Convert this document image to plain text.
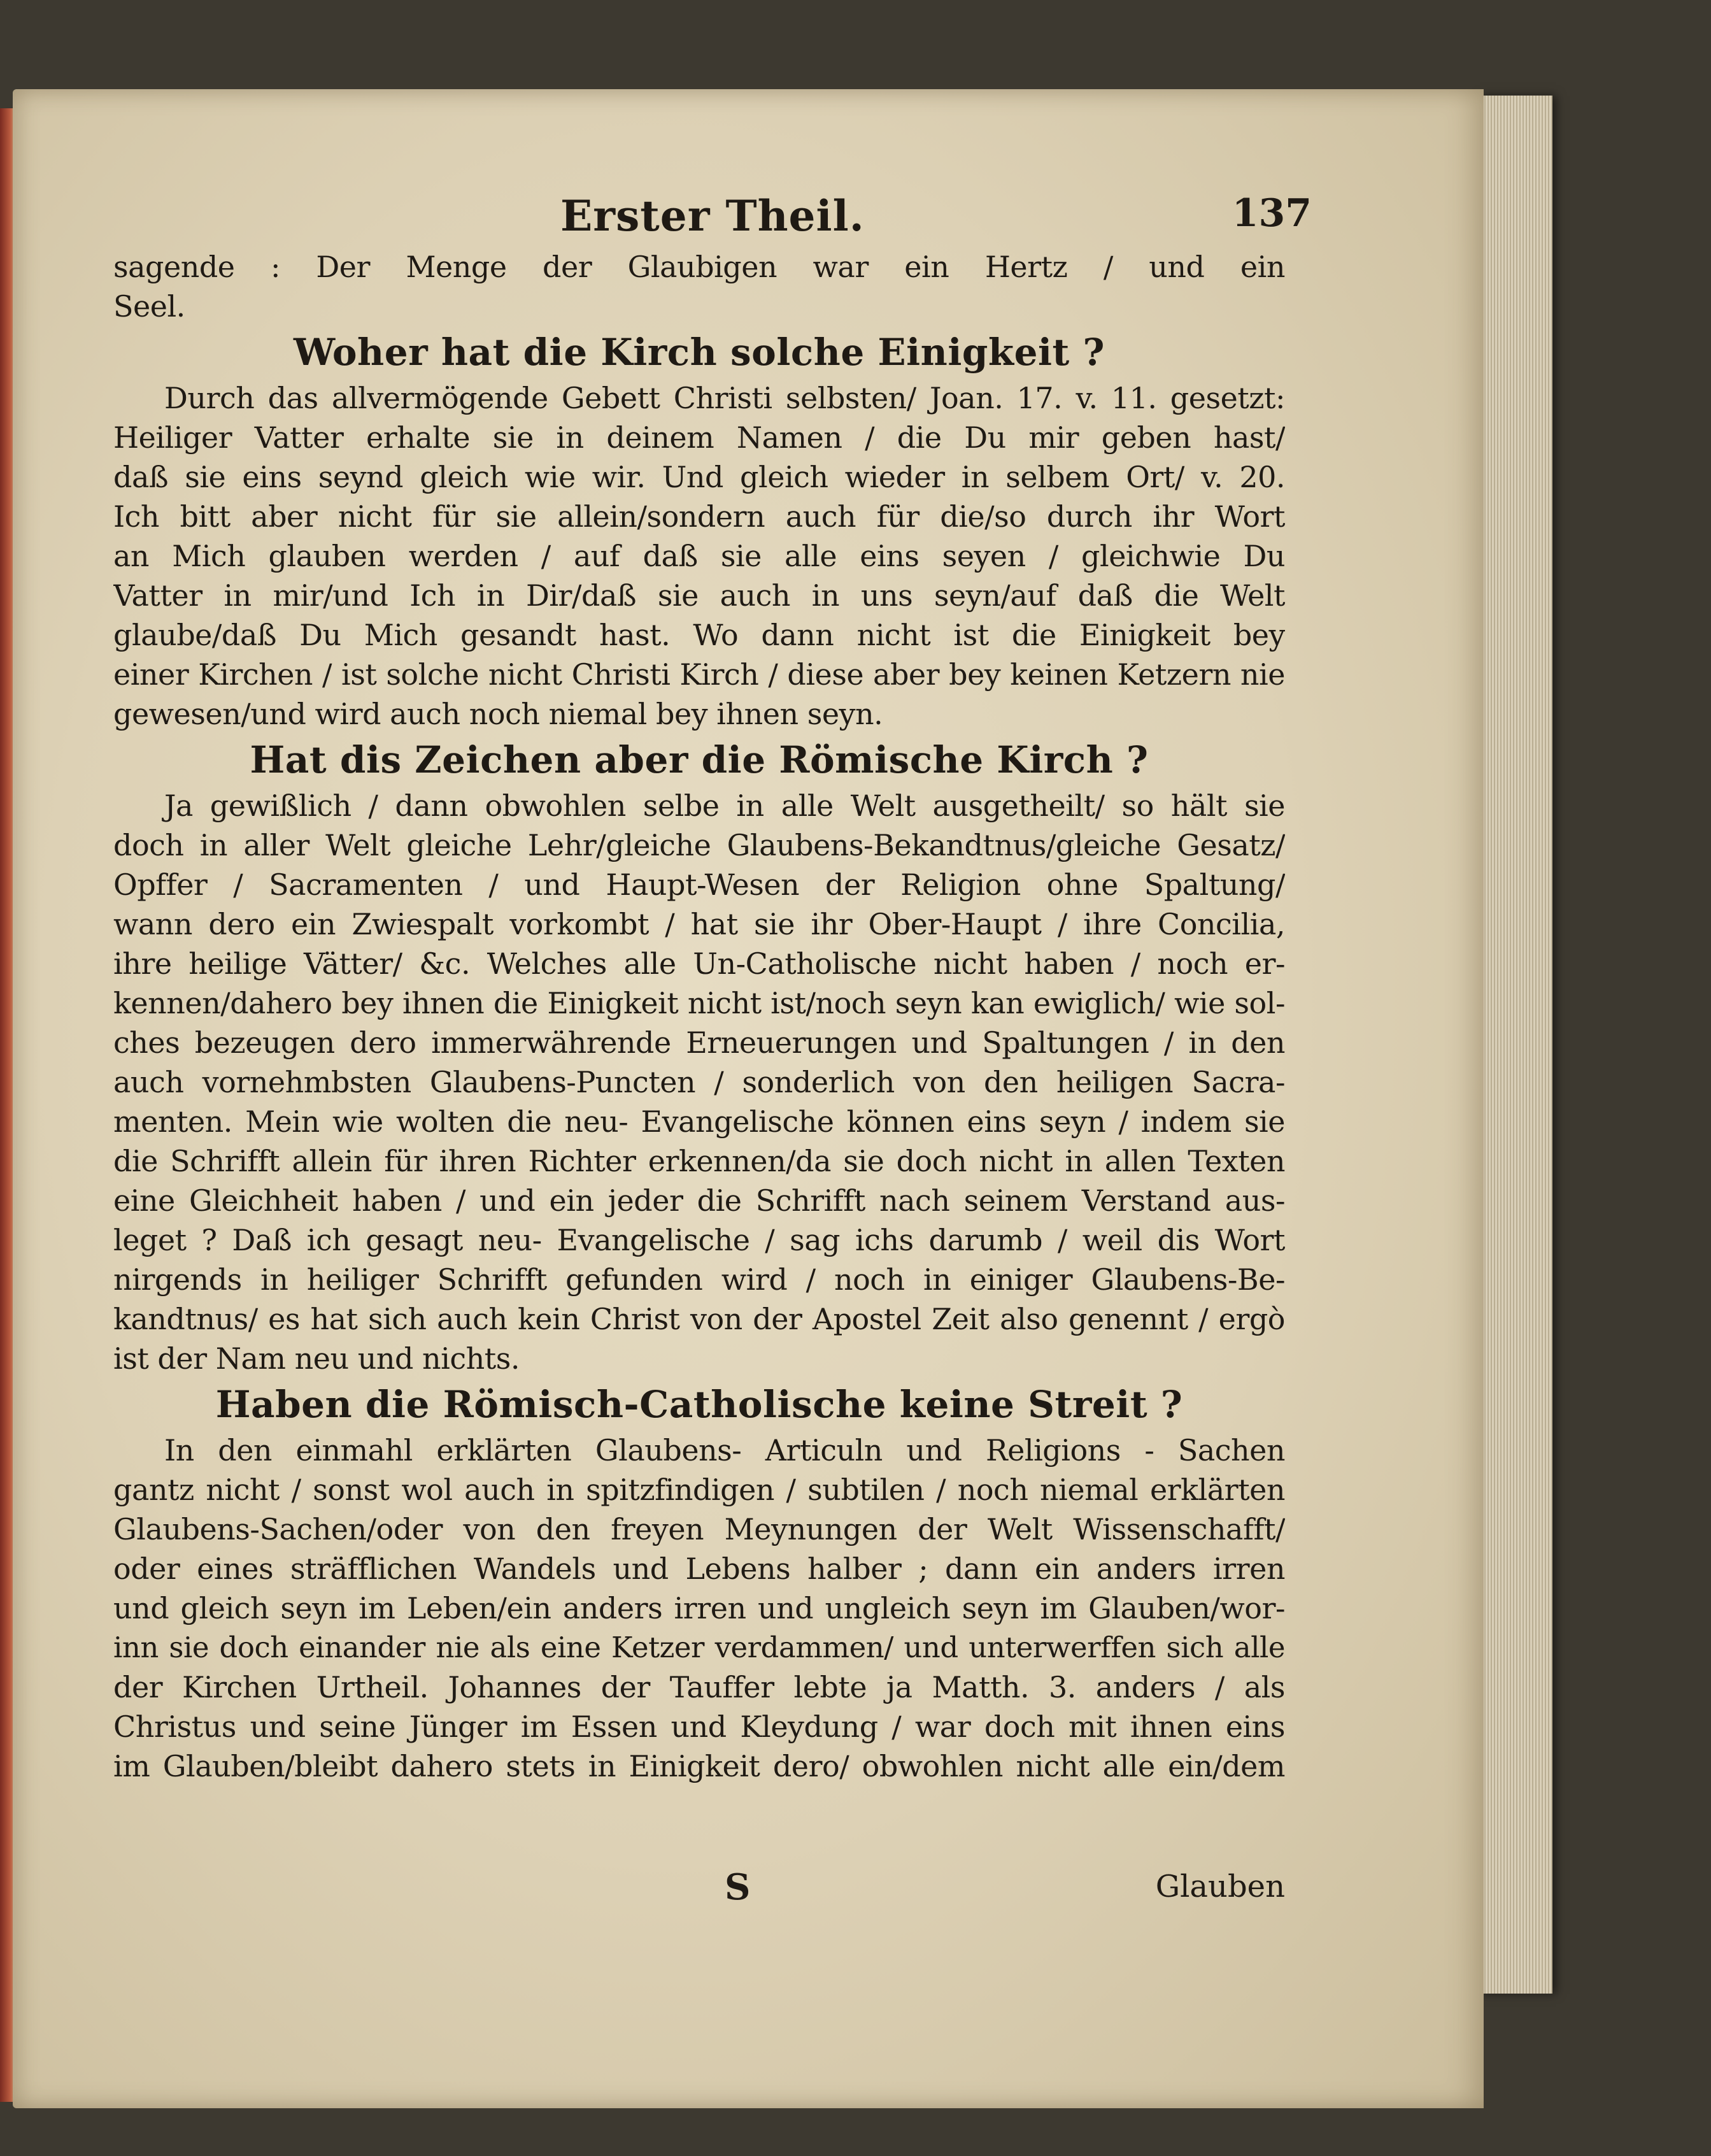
Erster Theil.	137
sagende : Der Menge der Glaubigen war ein Hertz / und ein
Seel.
Woher hat die Kirch solche Einigkeit ?
Durch das allvermögende Gebett Christi selbsten/ Joan. 17. v. 11. gesetzt:
Heiliger Vatter erhalte sie in deinem Namen / die Du mir geben hast/
daß sie eins seynd gleich wie wir. Und gleich wieder in selbem Ort/ v. 20.
Ich bitt aber nicht für sie allein/sondern auch für die/so durch ihr Wort
an Mich glauben werden / auf daß sie alle eins seyen / gleichwie Du
Vatter in mir/und Ich in Dir/daß sie auch in uns seyn/auf daß die Welt
glaube/daß Du Mich gesandt hast. Wo dann nicht ist die Einigkeit bey
einer Kirchen / ist solche nicht Christi Kirch / diese aber bey keinen Ketzern nie
gewesen/und wird auch noch niemal bey ihnen seyn.
Hat dis Zeichen aber die Römische Kirch ?
Ja gewißlich / dann obwohlen selbe in alle Welt ausgetheilt/ so hält sie
doch in aller Welt gleiche Lehr/gleiche Glaubens-Bekandtnus/gleiche Gesatz/
Opffer / Sacramenten / und Haupt-Wesen der Religion ohne Spaltung/
wann dero ein Zwiespalt vorkombt / hat sie ihr Ober-Haupt / ihre Concilia,
ihre heilige Vätter/ &c. Welches alle Un-Catholische nicht haben / noch er-
kennen/dahero bey ihnen die Einigkeit nicht ist/noch seyn kan ewiglich/ wie sol-
ches bezeugen dero immerwährende Erneuerungen und Spaltungen / in den
auch vornehmbsten Glaubens-Puncten / sonderlich von den heiligen Sacra-
menten. Mein wie wolten die neu- Evangelische können eins seyn / indem sie
die Schrifft allein für ihren Richter erkennen/da sie doch nicht in allen Texten
eine Gleichheit haben / und ein jeder die Schrifft nach seinem Verstand aus-
leget ? Daß ich gesagt neu- Evangelische / sag ichs darumb / weil dis Wort
nirgends in heiliger Schrifft gefunden wird / noch in einiger Glaubens-Be-
kandtnus/ es hat sich auch kein Christ von der Apostel Zeit also genennt / ergò
ist der Nam neu und nichts.
Haben die Römisch-Catholische keine Streit ?
In den einmahl erklärten Glaubens- Articuln und Religions - Sachen
gantz nicht / sonst wol auch in spitzfindigen / subtilen / noch niemal erklärten
Glaubens-Sachen/oder von den freyen Meynungen der Welt Wissenschafft/
oder eines sträfflichen Wandels und Lebens halber ; dann ein anders irren
und gleich seyn im Leben/ein anders irren und ungleich seyn im Glauben/wor-
inn sie doch einander nie als eine Ketzer verdammen/ und unterwerffen sich alle
der Kirchen Urtheil. Johannes der Tauffer lebte ja Matth. 3. anders / als
Christus und seine Jünger im Essen und Kleydung / war doch mit ihnen eins
im Glauben/bleibt dahero stets in Einigkeit dero/ obwohlen nicht alle ein/dem
S	Glauben
